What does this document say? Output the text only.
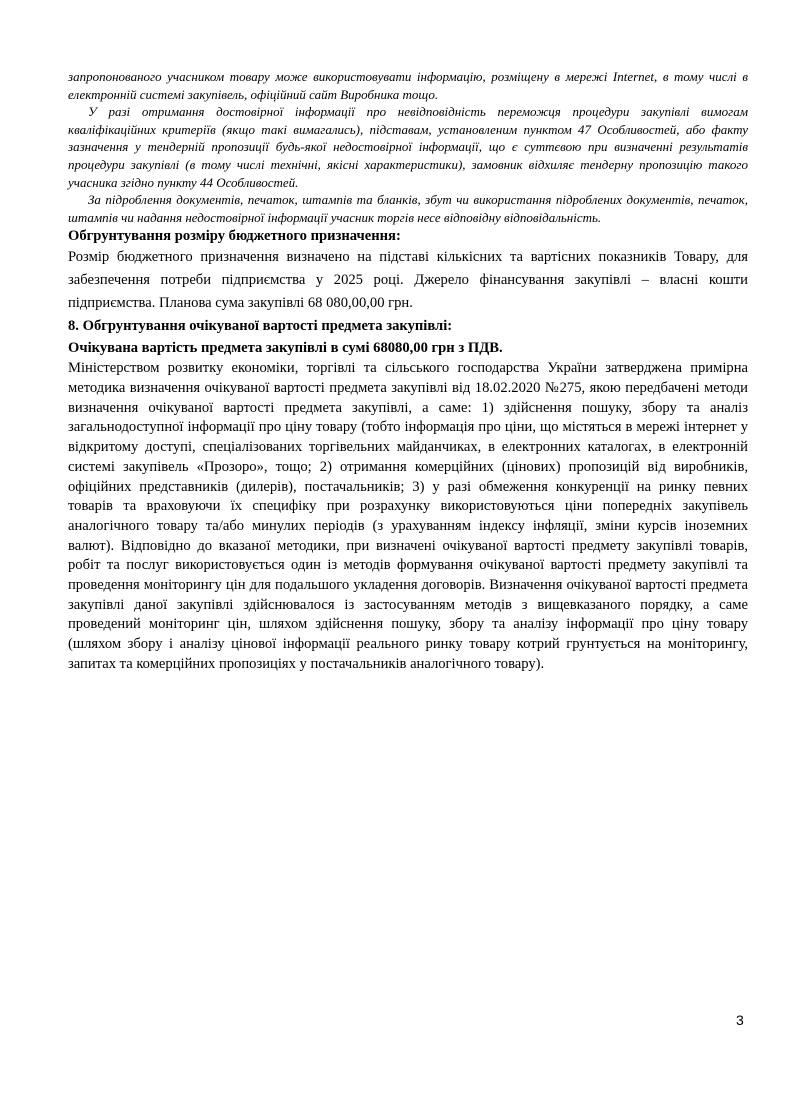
запропонованого учасником товару може використовувати інформацію, розміщену в мережі Internet, в тому числі в електронній системі закупівель, офіційний сайт Виробника тощо.

У разі отримання достовірної інформації про невідповідність переможця процедури закупівлі вимогам кваліфікаційних критеріїв (якщо такі вимагались), підставам, установленим пунктом 47 Особливостей, або факту зазначення у тендерній пропозиції будь-якої недостовірної інформації, що є суттєвою при визначенні результатів процедури закупівлі (в тому числі технічні, якісні характеристики), замовник відхиляє тендерну пропозицію такого учасника згідно пункту 44 Особливостей.

За підроблення документів, печаток, штампів та бланків, збут чи використання підроблених документів, печаток, штампів чи надання недостовірної інформації учасник торгів несе відповідну відповідальність.

Обгрунтування розміру бюджетного призначення:

Розмір бюджетного призначення визначено на підставі кількісних та вартісних показників Товару, для забезпечення потреби підприємства у 2025 році. Джерело фінансування закупівлі – власні кошти підприємства. Планова сума закупівлі 68 080,00,00 грн.

8. Обгрунтування очікуваної вартості предмета закупівлі:

Очікувана вартість предмета закупівлі в сумі 68080,00 грн з ПДВ.

Міністерством розвитку економіки, торгівлі та сільського господарства України затверджена примірна методика визначення очікуваної вартості предмета закупівлі від 18.02.2020 №275, якою передбачені методи визначення очікуваної вартості предмета закупівлі, а саме: 1) здійснення пошуку, збору та аналіз загальнодоступної інформації про ціну товару (тобто інформація про ціни, що містяться в мережі інтернет у відкритому доступі, спеціалізованих торгівельних майданчиках, в електронних каталогах, в електронній системі закупівель «Прозоро», тощо; 2) отримання комерційних (цінових) пропозицій від виробників, офіційних представників (дилерів), постачальників; 3) у разі обмеження конкуренції на ринку певних товарів та враховуючи їх специфіку при розрахунку використовуються ціни попередніх закупівель аналогічного товару та/або минулих періодів (з урахуванням індексу інфляції, зміни курсів іноземних валют). Відповідно до вказаної методики, при визначені очікуваної вартості предмету закупівлі товарів, робіт та послуг використовується один із методів формування очікуваної вартості предмету закупівлі та проведення моніторингу цін для подальшого укладення договорів. Визначення очікуваної вартості предмета закупівлі даної закупівлі здійснювалося із застосуванням методів з вищевказаного порядку, а саме проведений моніторинг цін, шляхом здійснення пошуку, збору та аналізу інформації про ціну товару (шляхом збору і аналізу цінової інформації реального ринку товару котрий грунтується на моніторингу, запитах та комерційних пропозиціях у постачальників аналогічного товару).

3
